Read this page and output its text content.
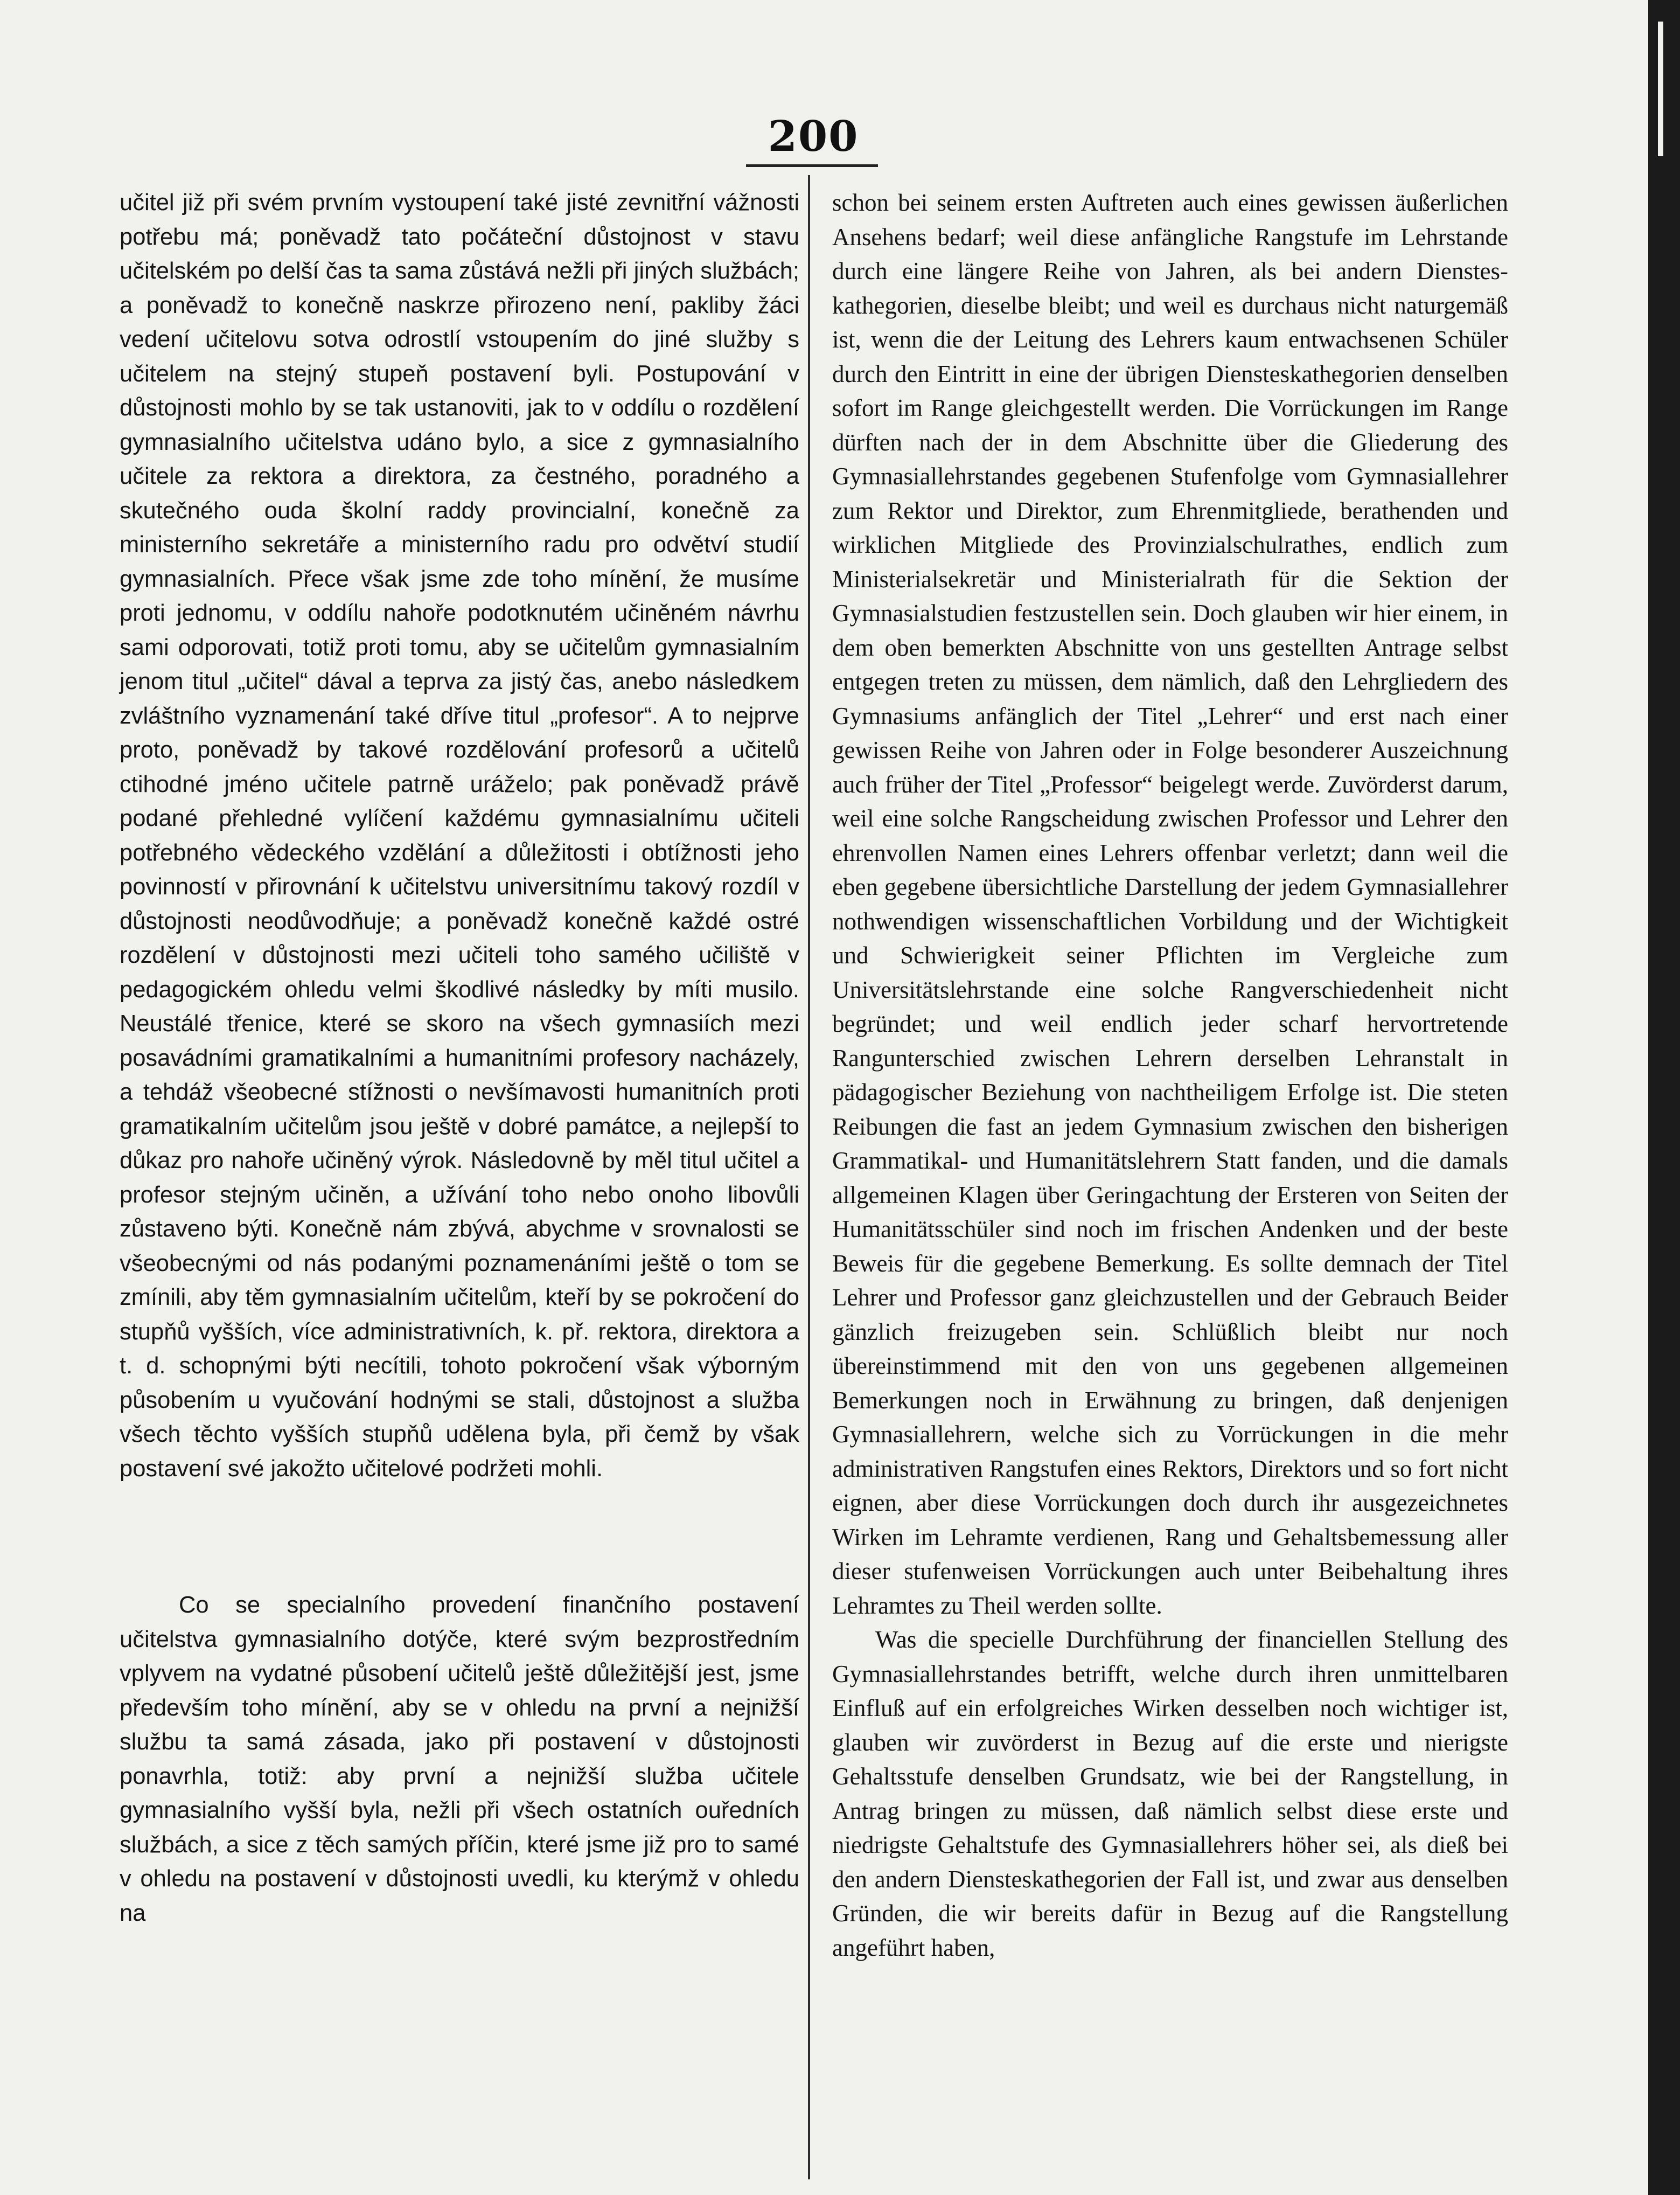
200

učitel již při svém prvním vystoupení také jisté zevnitřní vážnosti potřebu má; poněvadž tato počáteční důstojnost v stavu učitelském po delší čas ta sama zůstává nežli při jiných službách; a poněvadž to konečně naskrze přirozeno není, pakliby žáci vedení učitelovu sotva odrostlí vstoupením do jiné služby s učitelem na stejný stupeň postavení byli. Postupování v důstojnosti mohlo by se tak ustanoviti, jak to v oddílu o rozdělení gymnasialního učitelstva udáno bylo, a sice z gymnasialního učitele za rektora a direktora, za čestného, poradného a skutečného ouda školní raddy provincialní, konečně za ministerního sekretáře a ministerního radu pro odvětví studií gymnasialních. Přece však jsme zde toho mínění, že musíme proti jednomu, v oddílu nahoře podotknutém učiněném návrhu sami odporovati, totiž proti tomu, aby se učitelům gymnasialním jenom titul „učitel“ dával a teprva za jistý čas, anebo následkem zvláštního vyznamenání také dříve titul „profesor“. A to nejprve proto, poněvadž by takové rozdělování profesorů a učitelů ctihodné jméno učitele patrně uráželo; pak poněvadž právě podané přehledné vylíčení každému gymnasialnímu učiteli potřebného vědeckého vzdělání a důležitosti i obtížnosti jeho povinností v přirovnání k učitelstvu universitnímu takový rozdíl v důstojnosti neodůvodňuje; a poněvadž konečně každé ostré rozdělení v důstojnosti mezi učiteli toho samého učiliště v pedagogickém ohledu velmi škodlivé následky by míti musilo. Neustálé třenice, které se skoro na všech gymnasiích mezi posavádními gramatikalními a humanitními profesory nacházely, a tehdáž všeobecné stížnosti o nevšímavosti humanitních proti gramatikalním učitelům jsou ještě v dobré památce, a nejlepší to důkaz pro nahoře učiněný výrok. Následovně by měl titul učitel a profesor stejným učiněn, a užívání toho nebo onoho libovůli zůstaveno býti. Konečně nám zbývá, abychme v srovnalosti se všeobecnými od nás podanými poznamenáními ještě o tom se zmínili, aby těm gymnasialním učitelům, kteří by se pokročení do stupňů vyšších, více administrativních, k. př. rektora, direktora a t. d. schopnými býti necítili, tohoto pokročení však výborným působením u vyučování hodnými se stali, důstojnost a služba všech těchto vyšších stupňů udělena byla, při čemž by však postavení své jakožto učitelové podržeti mohli.

Co se specialního provedení finančního postavení učitelstva gymnasialního dotýče, které svým bezprostředním vplyvem na vydatné působení učitelů ještě důležitější jest, jsme především toho mínění, aby se v ohledu na první a nejnižší službu ta samá zásada, jako při postavení v důstojnosti ponavrhla, totiž: aby první a nejnižší služba učitele gymnasialního vyšší byla, nežli při všech ostatních ouředních službách, a sice z těch samých příčin, které jsme již pro to samé v ohledu na postavení v důstojnosti uvedli, ku kterýmž v ohledu na

schon bei seinem ersten Auftreten auch eines gewissen äußerlichen Ansehens bedarf; weil diese anfängliche Rangstufe im Lehrstande durch eine längere Reihe von Jahren, als bei andern Diensteskathegorien, dieselbe bleibt; und weil es durchaus nicht naturgemäß ist, wenn die der Leitung des Lehrers kaum entwachsenen Schüler durch den Eintritt in eine der übrigen Diensteskathegorien denselben sofort im Range gleichgestellt werden. Die Vorrückungen im Range dürften nach der in dem Abschnitte über die Gliederung des Gymnasiallehrstandes gegebenen Stufenfolge vom Gymnasiallehrer zum Rektor und Direktor, zum Ehrenmitgliede, berathenden und wirklichen Mitgliede des Provinzialschulrathes, endlich zum Ministerialsekretär und Ministerialrath für die Sektion der Gymnasialstudien festzustellen sein. Doch glauben wir hier einem, in dem oben bemerkten Abschnitte von uns gestellten Antrage selbst entgegen treten zu müssen, dem nämlich, daß den Lehrgliedern des Gymnasiums anfänglich der Titel „Lehrer“ und erst nach einer gewissen Reihe von Jahren oder in Folge besonderer Auszeichnung auch früher der Titel „Professor“ beigelegt werde. Zuvörderst darum, weil eine solche Rangscheidung zwischen Professor und Lehrer den ehrenvollen Namen eines Lehrers offenbar verletzt; dann weil die eben gegebene übersichtliche Darstellung der jedem Gymnasiallehrer nothwendigen wissenschaftlichen Vorbildung und der Wichtigkeit und Schwierigkeit seiner Pflichten im Vergleiche zum Universitätslehrstande eine solche Rangverschiedenheit nicht begründet; und weil endlich jeder scharf hervortretende Rangunterschied zwischen Lehrern derselben Lehranstalt in pädagogischer Beziehung von nachtheiligem Erfolge ist. Die steten Reibungen die fast an jedem Gymnasium zwischen den bisherigen Grammatikal- und Humanitätslehrern Statt fanden, und die damals allgemeinen Klagen über Geringachtung der Ersteren von Seiten der Humanitätsschüler sind noch im frischen Andenken und der beste Beweis für die gegebene Bemerkung. Es sollte demnach der Titel Lehrer und Professor ganz gleichzustellen und der Gebrauch Beider gänzlich freizugeben sein. Schlüßlich bleibt nur noch übereinstimmend mit den von uns gegebenen allgemeinen Bemerkungen noch in Erwähnung zu bringen, daß denjenigen Gymnasiallehrern, welche sich zu Vorrückungen in die mehr administrativen Rangstufen eines Rektors, Direktors und so fort nicht eignen, aber diese Vorrückungen doch durch ihr ausgezeichnetes Wirken im Lehramte verdienen, Rang und Gehaltsbemessung aller dieser stufenweisen Vorrückungen auch unter Beibehaltung ihres Lehramtes zu Theil werden sollte.

Was die specielle Durchführung der financiellen Stellung des Gymnasiallehrstandes betrifft, welche durch ihren unmittelbaren Einfluß auf ein erfolgreiches Wirken desselben noch wichtiger ist, glauben wir zuvörderst in Bezug auf die erste und nierigste Gehaltsstufe denselben Grundsatz, wie bei der Rangstellung, in Antrag bringen zu müssen, daß nämlich selbst diese erste und niedrigste Gehaltstufe des Gymnasiallehrers höher sei, als dieß bei den andern Diensteskathegorien der Fall ist, und zwar aus denselben Gründen, die wir bereits dafür in Bezug auf die Rangstellung angeführt haben,
